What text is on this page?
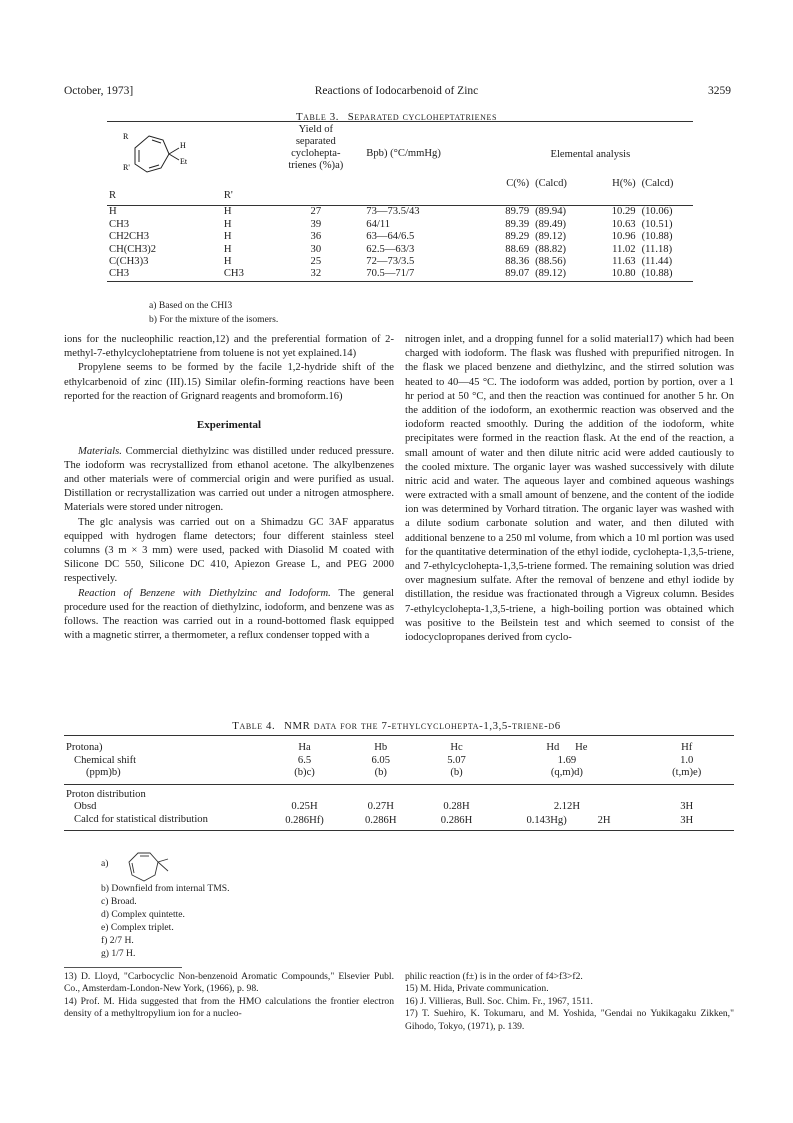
October, 1973]	Reactions of Iodocarbenoid of Zinc	3259
Table 3. Separated cycloheptatrienes
R
R'
H
Et		Yield of separated cyclohepta-trienes (%)a)	Bpb) (°C/mmHg)	Elemental analysis			
				C(%)	(Calcd)	H(%)	(Calcd)
R	R'						
H	H	27	73—73.5/43	89.79	(89.94)	10.29	(10.06)
CH3	H	39	64/11	89.39	(89.49)	10.63	(10.51)
CH2CH3	H	36	63—64/6.5	89.29	(89.12)	10.96	(10.88)
CH(CH3)2	H	30	62.5—63/3	88.69	(88.82)	11.02	(11.18)
C(CH3)3	H	25	72—73/3.5	88.36	(88.56)	11.63	(11.44)
CH3	CH3	32	70.5—71/7	89.07	(89.12)	10.80	(10.88)
a) Based on the CHI3
b) For the mixture of the isomers.

ions for the nucleophilic reaction,12) and the preferential formation of 2-methyl-7-ethylcycloheptatriene from toluene is not yet explained.14)

Propylene seems to be formed by the facile 1,2-hydride shift of the ethylcarbenoid of zinc (III).15) Similar olefin-forming reactions have been reported for the reaction of Grignard reagents and bromoform.16)

Experimental

Materials. Commercial diethylzinc was distilled under reduced pressure. The iodoform was recrystallized from ethanol acetone. The alkylbenzenes and other materials were of commercial origin and were purified as usual. Distillation or recrystallization was carried out under a nitrogen atmosphere. Materials were stored under nitrogen.

The glc analysis was carried out on a Shimadzu GC 3AF apparatus equipped with hydrogen flame detectors; four different stainless steel columns (3 m × 3 mm) were used, packed with Diasolid M coated with Silicone DC 550, Silicone DC 410, Apiezon Grease L, and PEG 2000 respectively.

Reaction of Benzene with Diethylzinc and Iodoform. The general procedure used for the reaction of diethylzinc, iodoform, and benzene was as follows. The reaction was carried out in a round-bottomed flask equipped with a magnetic stirrer, a thermometer, a reflux condenser topped with a

nitrogen inlet, and a dropping funnel for a solid material17) which had been charged with iodoform. The flask was flushed with prepurified nitrogen. In the flask we placed benzene and diethylzinc, and the stirred solution was heated to 40—45 °C. The iodoform was added, portion by portion, over a 1 hr period at 50 °C, and then the reaction was continued for another 5 hr. On the addition of the iodoform, an exothermic reaction was observed and the iodoform reacted smoothly. During the addition of the iodoform, white precipitates were formed in the reaction flask. At the end of the reaction, a small amount of water and then dilute nitric acid were added cautiously to the cooled mixture. The organic layer was washed successively with dilute nitric acid and water. The aqueous layer and combined aqueous washings were extracted with a small amount of benzene, and the content of the iodide ion was determined by Vorhard titration. The organic layer was washed with a dilute sodium carbonate solution and water, and then diluted with additional benzene to a 250 ml volume, from which a 10 ml portion was used for the quantitative determination of the ethyl iodide, cyclohepta-1,3,5-triene, and 7-ethylcyclohepta-1,3,5-triene formed. The remaining solution was dried over magnesium sulfate. After the removal of benzene and ethyl iodide by distillation, the residue was fractionated through a Vigreux column. Besides 7-ethylcyclohepta-1,3,5-triene, a high-boiling portion was obtained which was positive to the Beilstein test and which seemed to consist of the iodocyclopropanes derived from cyclo-

Table 4. NMR data for the 7-ethylcyclohepta-1,3,5-triene-d6
Protona)	Ha	Hb	Hc	Hd      He		Hf
Chemical shift	6.5	6.05	5.07	1.69		1.0
(ppm)b)	(b)c)	(b)	(b)	(q,m)d)		(t,m)e)
Proton distribution						
Obsd	0.25H	0.27H	0.28H	2.12H		3H
Calcd for statistical distribution	0.286Hf)	0.286H	0.286H	0.143Hg)	2H	3H
a)
b) Downfield from internal TMS.
c) Broad.
d) Complex quintette.
e) Complex triplet.
f) 2/7 H.
g) 1/7 H.

13) D. Lloyd, "Carbocyclic Non-benzenoid Aromatic Compounds," Elsevier Publ. Co., Amsterdam-London-New York, (1966), p. 98.

14) Prof. M. Hida suggested that from the HMO calculations the frontier electron density of a methyltropylium ion for a nucleo-

philic reaction (f±) is in the order of f4>f3>f2.

15) M. Hida, Private communication.

16) J. Villieras, Bull. Soc. Chim. Fr., 1967, 1511.

17) T. Suehiro, K. Tokumaru, and M. Yoshida, "Gendai no Yukikagaku Zikken," Gihodo, Tokyo, (1971), p. 139.
